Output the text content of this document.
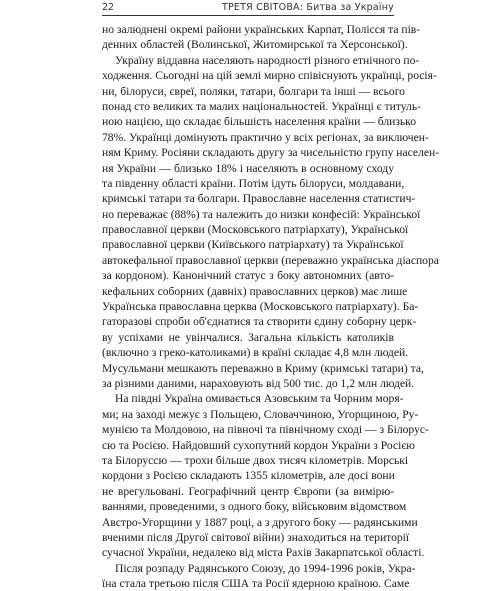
22	ТРЕТЯ СВІТОВА: Битва за Україну
но залюднені окремі райони українських Карпат, Полісся та пів-
денних областей (Волинської, Житомирської та Херсонської).
Україну віддавна населяють народності різного етнічного по-
ходження. Сьогодні на цій землі мирно співіснують українці, росія-
ни, білоруси, євреї, поляки, татари, болгари та інші — всього
понад сто великих та малих національностей. Українці є титуль-
ною нацією, що складає більшість населення країни — близько
78%. Українці домінують практично у всіх регіонах, за виключен-
ням Криму. Росіяни складають другу за чисельністю групу населен-
ня України — близько 18% і населяють в основному сходу
та південну області країни. Потім ідуть білоруси, молдавани,
кримські татари та болгари. Православне населення статистич-
но переважає (88%) та належить до низки конфесій: Української
православної церкви (Московського патріархату), Української
православної церкви (Київського патріархату) та Української
автокефальної православної церкви (переважно українська діаспора
за кордоном). Канонічний статус з боку автономних (авто-
кефальних соборних (давніх) православних церков) має лише
Українська православна церква (Московського патріархату). Ба-
гаторазові спроби об'єднатися та створити єдину соборну церк-
ву успіхами не увінчалися. Загальна кількість католиків
(включно з греко-католиками) в країні складає 4,8 млн людей.
Мусульмани мешкають переважно в Криму (кримські татари) та,
за різними даними, нараховують від 500 тис. до 1,2 млн людей.
На півдні Україна омивається Азовським та Чорним моря-
ми; на заході межує з Польщею, Словаччиною, Угорщиною, Ру-
мунією та Молдовою, на півночі та північному сході — з Білорус-
сю та Росією. Найдовший сухопутний кордон України з Росією
та Білоруссю — трохи більше двох тисяч кілометрів. Морські
кордони з Росією складають 1355 кілометрів, але досі вони
не врегульовані. Географічний центр Європи (за вимірю-
ваннями, проведеними, з одного боку, військовим відомством
Австро-Угорщини у 1887 році, а з другого боку — радянськими
вченими після Другої світової війни) знаходиться на території
сучасної України, недалеко від міста Рахів Закарпатської області.
Після розпаду Радянського Союзу, до 1994-1996 років, Укра-
їна стала третьою після США та Росії ядерною країною. Саме
